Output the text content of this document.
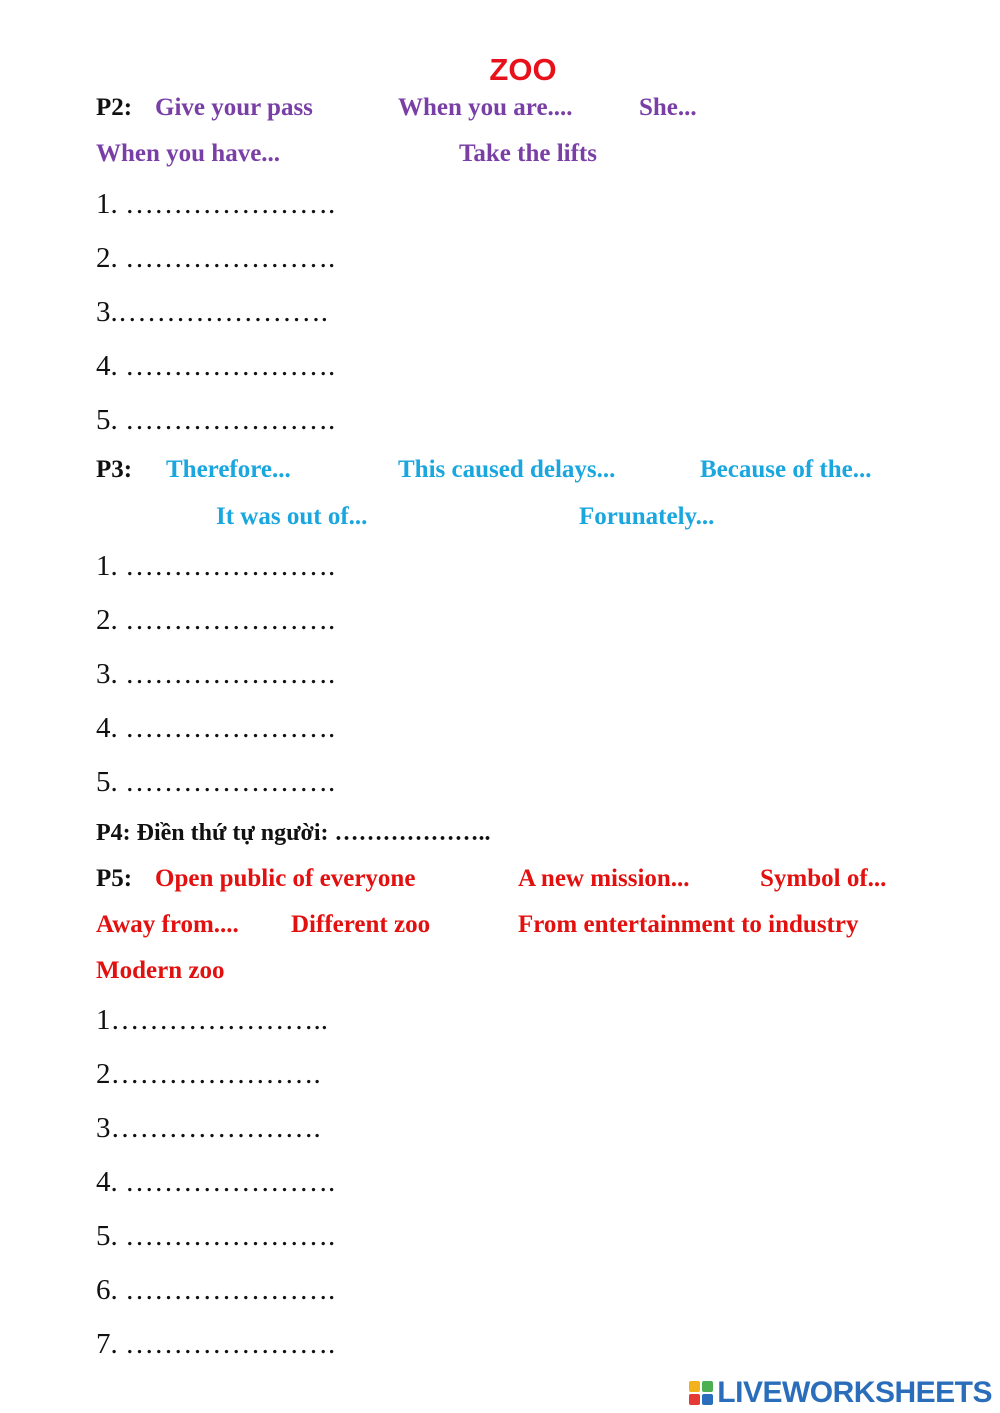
ZOO
P2: Give your pass	When you are....	She...
When you have...	Take the lifts
1. ………………….
2. ………………….
3.………………….
4. ………………….
5. ………………….
P3: Therefore...	This caused delays...	Because of the...
It was out of...	Forunately...
1. ………………….
2. ………………….
3. ………………….
4. ………………….
5. ………………….
P4: Điền thứ tự người: ………………..
P5: Open public of everyone	A new mission...	Symbol of...
Away from.... Different zoo	From entertainment to industry
Modern zoo
1…………………..
2………………….
3………………….
4. ………………….
5. ………………….
6. ………………….
7. ………………….
LIVEWORKSHEETS
